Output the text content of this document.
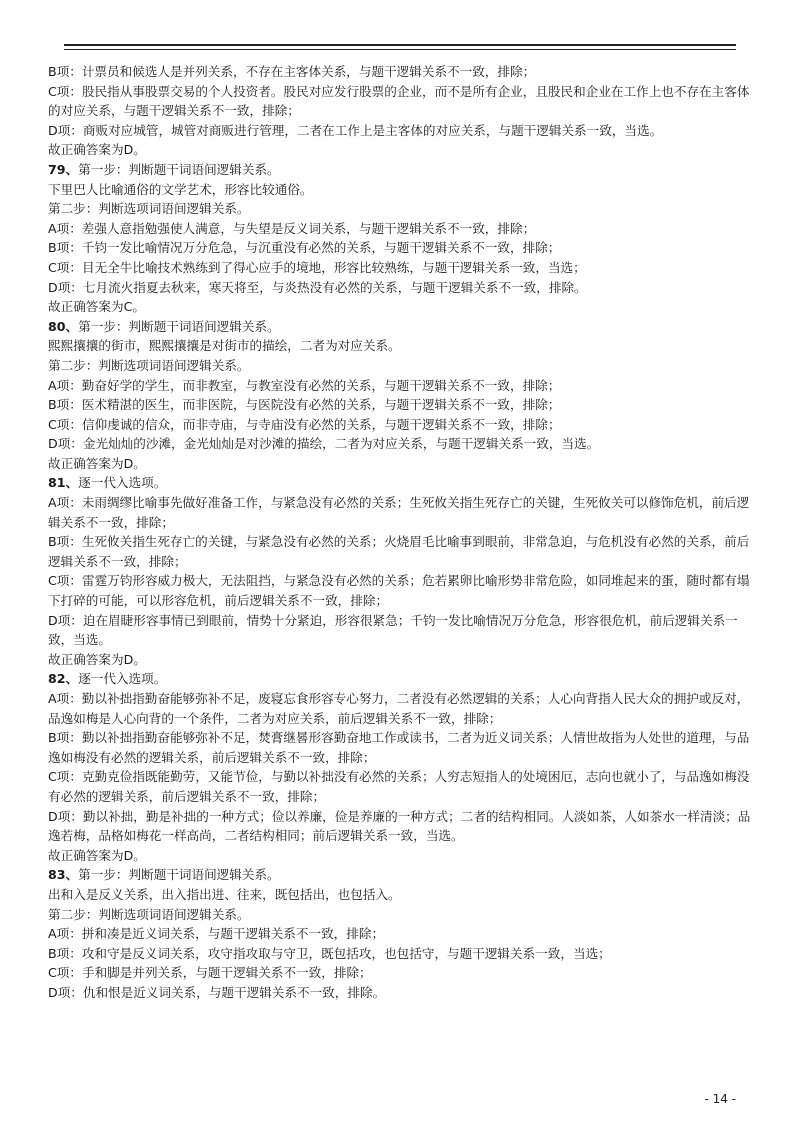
B项：计票员和候选人是并列关系，不存在主客体关系，与题干逻辑关系不一致，排除；
C项：股民指从事股票交易的个人投资者。股民对应发行股票的企业，而不是所有企业，且股民和企业在工作上也不存在主客体的对应关系，与题干逻辑关系不一致，排除；
D项：商贩对应城管，城管对商贩进行管理，二者在工作上是主客体的对应关系，与题干逻辑关系一致，当选。
故正确答案为D。
79、第一步：判断题干词语间逻辑关系。
下里巴人比喻通俗的文学艺术，形容比较通俗。
第二步：判断选项词语间逻辑关系。
A项：差强人意指勉强使人满意，与失望是反义词关系，与题干逻辑关系不一致，排除；
B项：千钧一发比喻情况万分危急，与沉重没有必然的关系，与题干逻辑关系不一致，排除；
C项：目无全牛比喻技术熟练到了得心应手的境地，形容比较熟练，与题干逻辑关系一致，当选；
D项：七月流火指夏去秋来，寒天将至，与炎热没有必然的关系，与题干逻辑关系不一致，排除。
故正确答案为C。
80、第一步：判断题干词语间逻辑关系。
熙熙攘攘的街市，熙熙攘攘是对街市的描绘，二者为对应关系。
第二步：判断选项词语间逻辑关系。
A项：勤奋好学的学生，而非教室，与教室没有必然的关系，与题干逻辑关系不一致，排除；
B项：医术精湛的医生，而非医院，与医院没有必然的关系，与题干逻辑关系不一致，排除；
C项：信仰虔诚的信众，而非寺庙，与寺庙没有必然的关系，与题干逻辑关系不一致，排除；
D项：金光灿灿的沙滩，金光灿灿是对沙滩的描绘，二者为对应关系，与题干逻辑关系一致，当选。
故正确答案为D。
81、逐一代入选项。
A项：未雨绸缪比喻事先做好准备工作，与紧急没有必然的关系；生死攸关指生死存亡的关键，生死攸关可以修饰危机，前后逻辑关系不一致，排除；
B项：生死攸关指生死存亡的关键，与紧急没有必然的关系；火烧眉毛比喻事到眼前，非常急迫，与危机没有必然的关系，前后逻辑关系不一致，排除；
C项：雷霆万钧形容威力极大，无法阻挡，与紧急没有必然的关系；危若累卵比喻形势非常危险，如同堆起来的蛋，随时都有塌下打碎的可能，可以形容危机，前后逻辑关系不一致，排除；
D项：迫在眉睫形容事情已到眼前，情势十分紧迫，形容很紧急；千钧一发比喻情况万分危急，形容很危机，前后逻辑关系一致，当选。
故正确答案为D。
82、逐一代入选项。
A项：勤以补拙指勤奋能够弥补不足，废寝忘食形容专心努力，二者没有必然逻辑的关系；人心向背指人民大众的拥护或反对，品逸如梅是人心向背的一个条件，二者为对应关系，前后逻辑关系不一致，排除；
B项：勤以补拙指勤奋能够弥补不足，焚膏继晷形容勤奋地工作或读书，二者为近义词关系；人情世故指为人处世的道理，与品逸如梅没有必然的逻辑关系，前后逻辑关系不一致，排除；
C项：克勤克俭指既能勤劳，又能节俭，与勤以补拙没有必然的关系；人穷志短指人的处境困厄，志向也就小了，与品逸如梅没有必然的逻辑关系，前后逻辑关系不一致，排除；
D项：勤以补拙，勤是补拙的一种方式；俭以养廉，俭是养廉的一种方式；二者的结构相同。人淡如茶，人如茶水一样清淡；品逸若梅，品格如梅花一样高尚，二者结构相同；前后逻辑关系一致，当选。
故正确答案为D。
83、第一步：判断题干词语间逻辑关系。
出和入是反义关系，出入指出进、往来，既包括出，也包括入。
第二步：判断选项词语间逻辑关系。
A项：拼和凑是近义词关系，与题干逻辑关系不一致，排除；
B项：攻和守是反义词关系，攻守指攻取与守卫，既包括攻，也包括守，与题干逻辑关系一致，当选；
C项：手和脚是并列关系，与题干逻辑关系不一致，排除；
D项：仇和恨是近义词关系，与题干逻辑关系不一致，排除。
- 14 -
